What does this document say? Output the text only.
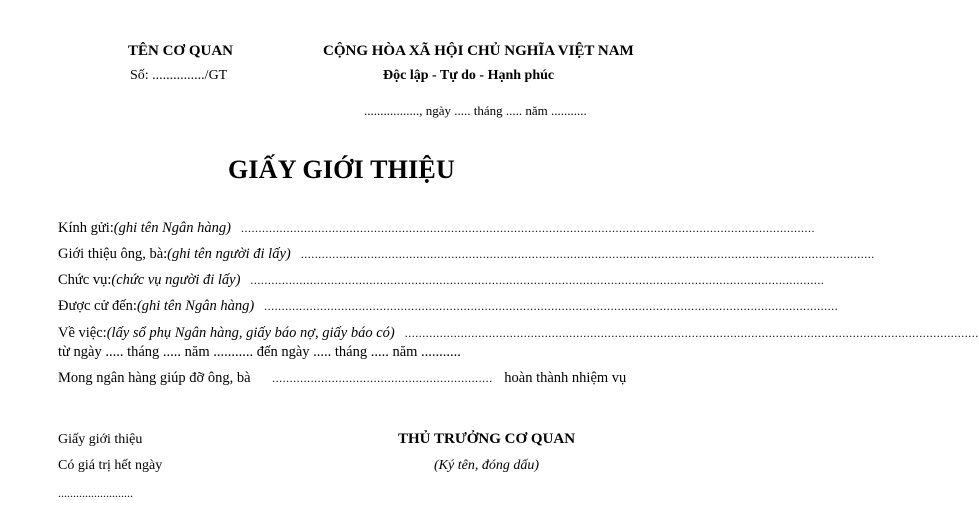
TÊN CƠ QUAN
Số: .............../GT
CỘNG HÒA XÃ HỘI CHỦ NGHĨA VIỆT NAM
Độc lập - Tự do - Hạnh phúc
................., ngày ..... tháng ..... năm ...........
GIẤY GIỚI THIỆU
Kính gửi: (ghi tên Ngân hàng) ....................................................................................................................................................................
Giới thiệu ông, bà: (ghi tên người đi lấy) ....................................................................................................................................................................
Chức vụ: (chức vụ người đi lấy) ....................................................................................................................................................................
Được cử đến: (ghi tên Ngân hàng) ....................................................................................................................................................................
Về việc: (lấy sổ phụ Ngân hàng, giấy báo nợ, giấy báo có) ....................................................................................................................................................................
từ ngày ..... tháng ..... năm ........... đến ngày ..... tháng ..... năm ...........
Mong ngân hàng giúp đỡ ông, bà ............................................................... hoàn thành nhiệm vụ
Giấy giới thiệu
Có giá trị hết ngày
.........................
THỦ TRƯỞNG CƠ QUAN
(Ký tên, đóng dấu)
